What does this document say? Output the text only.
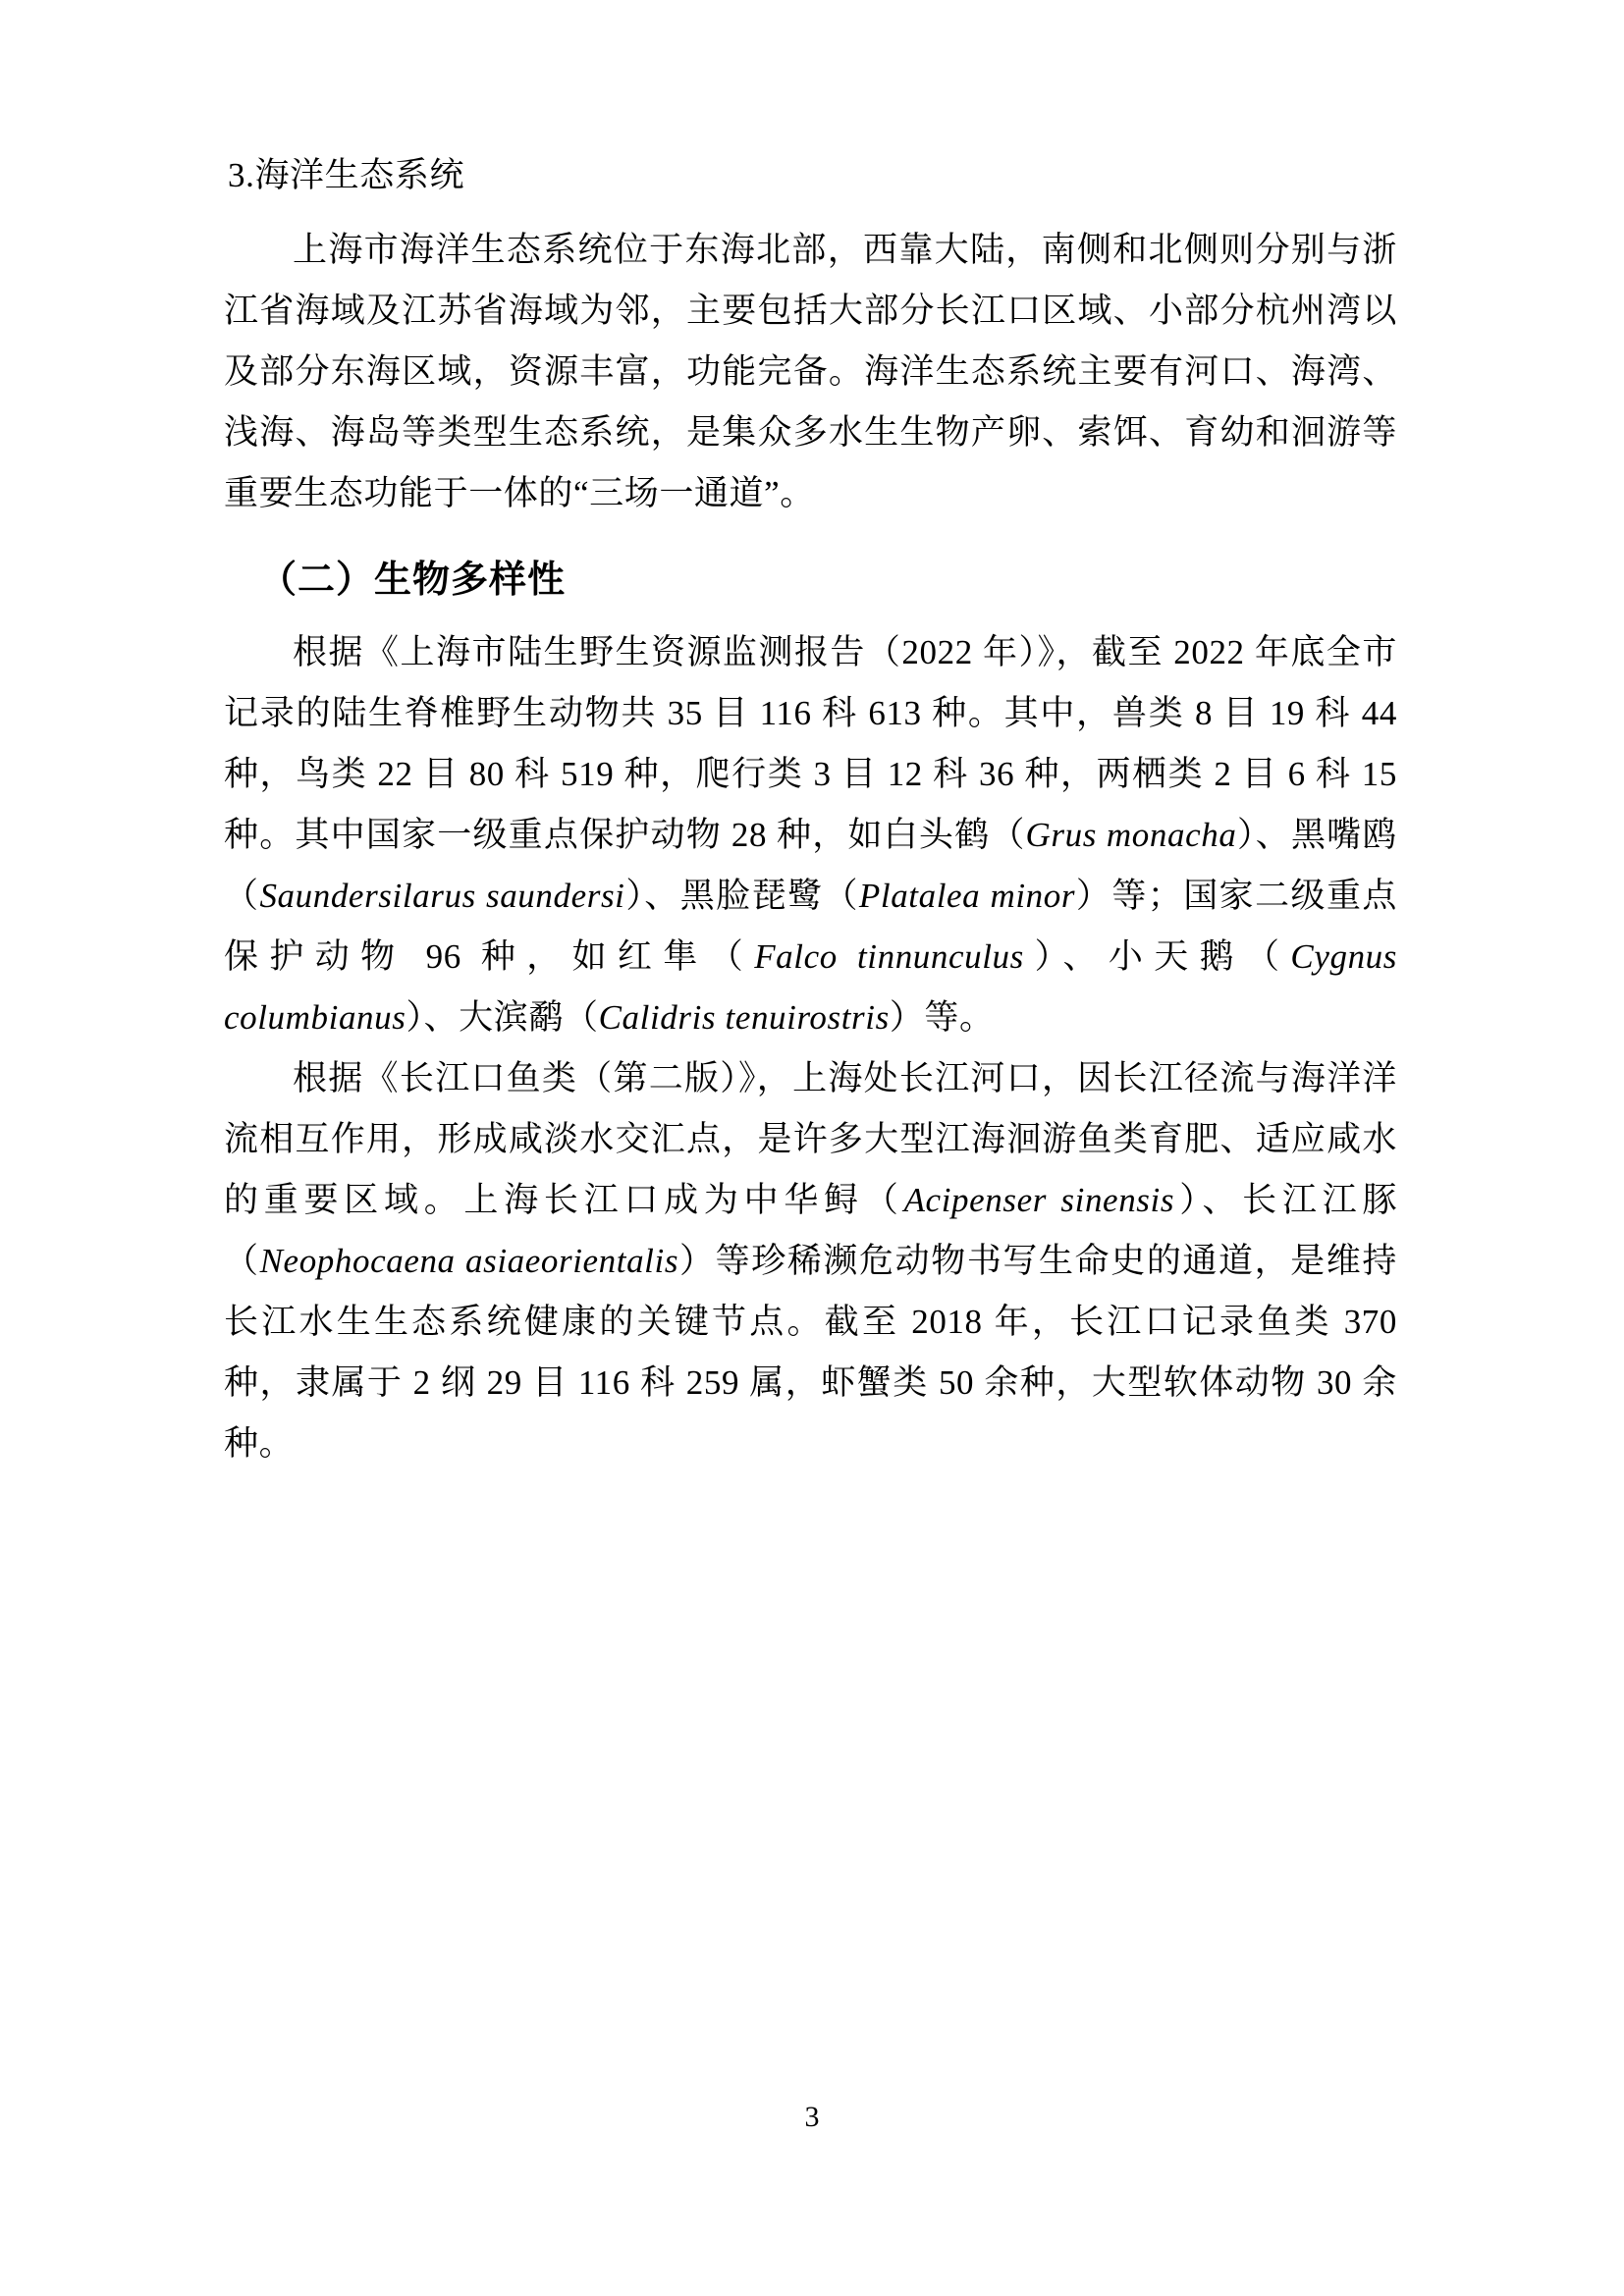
3.海洋生态系统

上海市海洋生态系统位于东海北部，西靠大陆，南侧和北侧则分别与浙江省海域及江苏省海域为邻，主要包括大部分长江口区域、小部分杭州湾以及部分东海区域，资源丰富，功能完备。海洋生态系统主要有河口、海湾、浅海、海岛等类型生态系统，是集众多水生生物产卵、索饵、育幼和洄游等重要生态功能于一体的“三场一通道”。

（二）生物多样性

根据《上海市陆生野生资源监测报告（2022 年）》，截至 2022 年底全市记录的陆生脊椎野生动物共 35 目 116 科 613 种。其中，兽类 8 目 19 科 44 种，鸟类 22 目 80 科 519 种，爬行类 3 目 12 科 36 种，两栖类 2 目 6 科 15 种。其中国家一级重点保护动物 28 种，如白头鹤（Grus monacha）、黑嘴鸥（Saundersilarus saundersi）、黑脸琵鹭（Platalea minor）等；国家二级重点保护动物 96 种，如红隼（Falco tinnunculus）、小天鹅（Cygnus columbianus）、大滨鹬（Calidris tenuirostris）等。

根据《长江口鱼类（第二版）》，上海处长江河口，因长江径流与海洋洋流相互作用，形成咸淡水交汇点，是许多大型江海洄游鱼类育肥、适应咸水的重要区域。上海长江口成为中华鲟（Acipenser sinensis）、长江江豚（Neophocaena asiaeorientalis）等珍稀濒危动物书写生命史的通道，是维持长江水生生态系统健康的关键节点。截至 2018 年，长江口记录鱼类 370 种，隶属于 2 纲 29 目 116 科 259 属，虾蟹类 50 余种，大型软体动物 30 余种。

3
